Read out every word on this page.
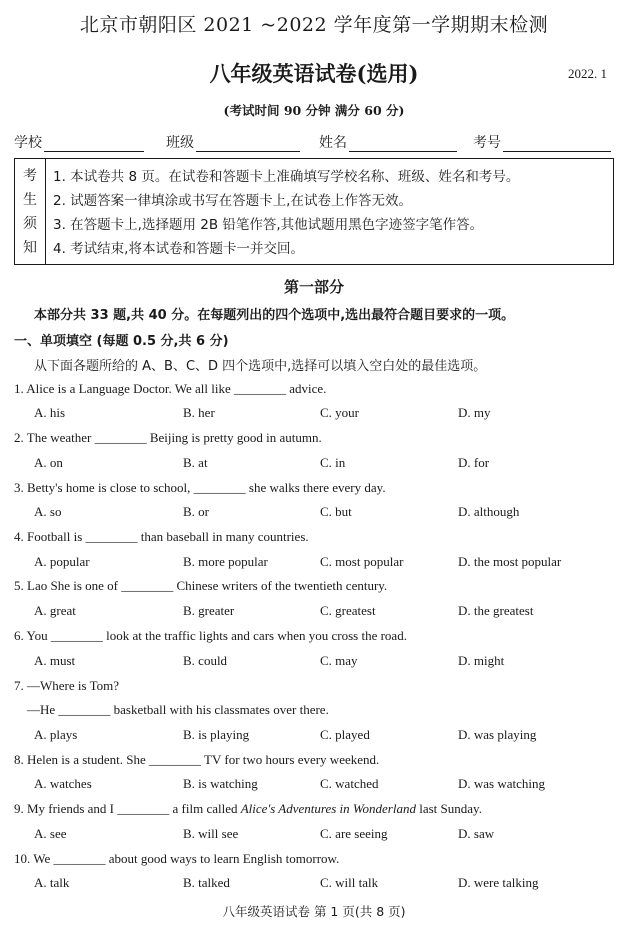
北京市朝阳区 2021 ~2022 学年度第一学期期末检测
八年级英语试卷(选用)	2022. 1
(考试时间 90 分钟 满分 60 分)
学校	班级	姓名	考号
考
生
须
知
1. 本试卷共 8 页。在试卷和答题卡上准确填写学校名称、班级、姓名和考号。
2. 试题答案一律填涂或书写在答题卡上,在试卷上作答无效。
3. 在答题卡上,选择题用 2B 铅笔作答,其他试题用黑色字迹签字笔作答。
4. 考试结束,将本试卷和答题卡一并交回。
第一部分
本部分共 33 题,共 40 分。在每题列出的四个选项中,选出最符合题目要求的一项。
一、单项填空 (每题 0.5 分,共 6 分)
从下面各题所给的 A、B、C、D 四个选项中,选择可以填入空白处的最佳选项。
1. Alice is a Language Doctor. We all like ________ advice.
A. his	B. her	C. your	D. my
2. The weather ________ Beijing is pretty good in autumn.
A. on	B. at	C. in	D. for
3. Betty's home is close to school, ________ she walks there every day.
A. so	B. or	C. but	D. although
4. Football is ________ than baseball in many countries.
A. popular	B. more popular	C. most popular	D. the most popular
5. Lao She is one of ________ Chinese writers of the twentieth century.
A. great	B. greater	C. greatest	D. the greatest
6. You ________ look at the traffic lights and cars when you cross the road.
A. must	B. could	C. may	D. might
7. —Where is Tom?
—He ________ basketball with his classmates over there.
A. plays	B. is playing	C. played	D. was playing
8. Helen is a student. She ________ TV for two hours every weekend.
A. watches	B. is watching	C. watched	D. was watching
9. My friends and I ________ a film called Alice's Adventures in Wonderland last Sunday.
A. see	B. will see	C. are seeing	D. saw
10. We ________ about good ways to learn English tomorrow.
A. talk	B. talked	C. will talk	D. were talking
八年级英语试卷 第 1 页(共 8 页)
